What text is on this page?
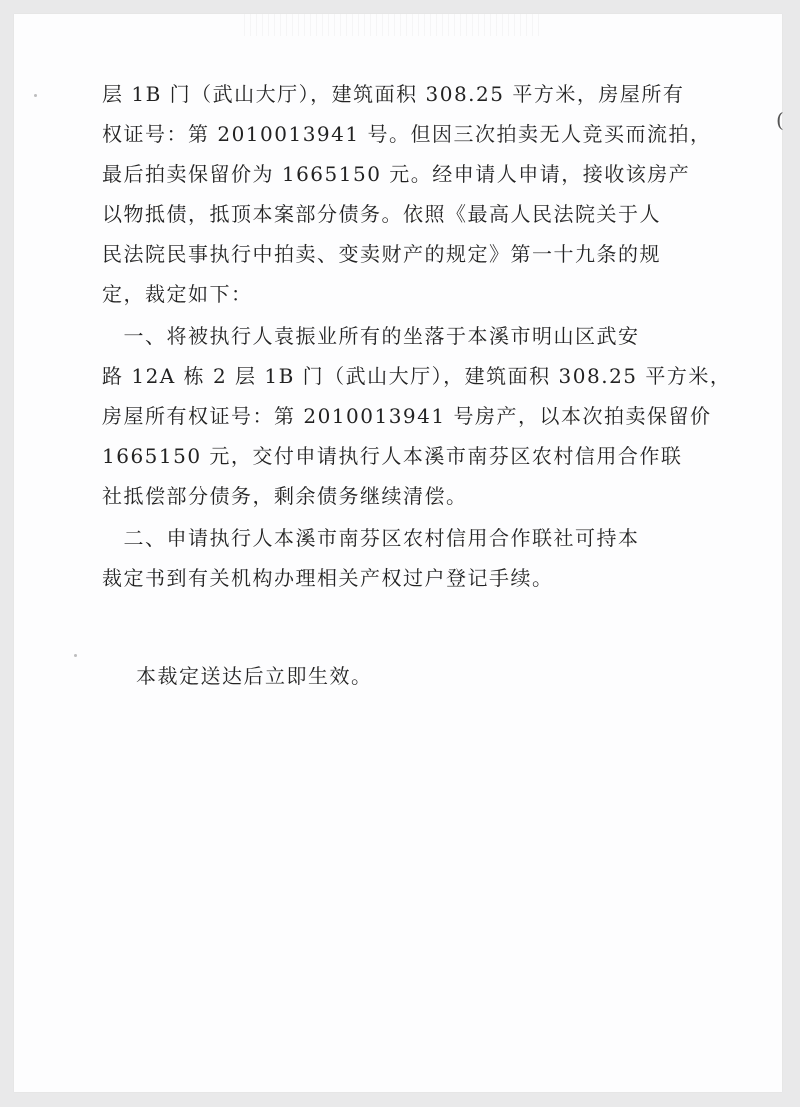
(
层 1B 门（武山大厅），建筑面积 308.25 平方米，房屋所有
权证号：第 2010013941 号。但因三次拍卖无人竞买而流拍，
最后拍卖保留价为 1665150 元。经申请人申请，接收该房产
以物抵债，抵顶本案部分债务。依照《最高人民法院关于人
民法院民事执行中拍卖、变卖财产的规定》第一十九条的规
定，裁定如下：
　一、将被执行人袁振业所有的坐落于本溪市明山区武安
路 12A 栋 2 层 1B 门（武山大厅），建筑面积 308.25 平方米，
房屋所有权证号：第 2010013941 号房产，以本次拍卖保留价
1665150 元，交付申请执行人本溪市南芬区农村信用合作联
社抵偿部分债务，剩余债务继续清偿。
　二、申请执行人本溪市南芬区农村信用合作联社可持本
裁定书到有关机构办理相关产权过户登记手续。
本裁定送达后立即生效。
